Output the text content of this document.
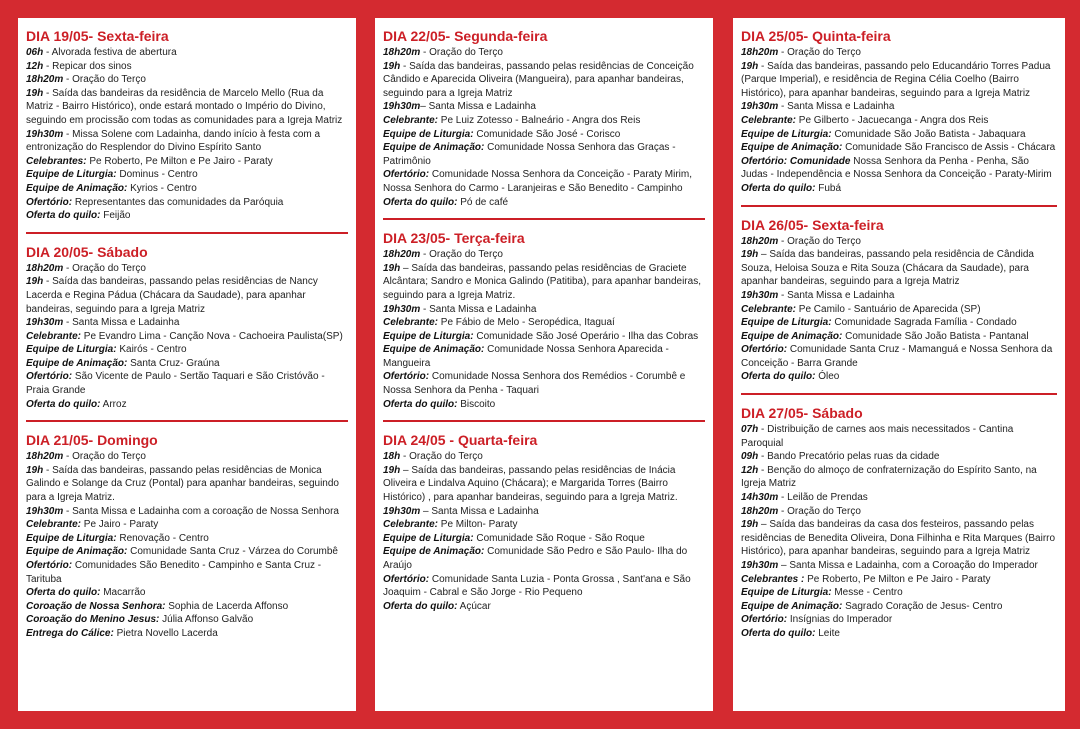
DIA 19/05- Sexta-feira

06h - Alvorada festiva de abertura

12h - Repicar dos sinos

18h20m - Oração do Terço

19h - Saída das bandeiras da residência de Marcelo Mello (Rua da Matriz - Bairro Histórico), onde estará montado o Império do Divino, seguindo em procissão com todas as comunidades para a Igreja Matriz

19h30m - Missa Solene com Ladainha, dando início à festa com a entronização do Resplendor do Divino Espírito Santo

Celebrantes: Pe Roberto, Pe Milton e Pe Jairo - Paraty

Equipe de Liturgia: Dominus - Centro

Equipe de Animação: Kyrios - Centro

Ofertório: Representantes das comunidades da Paróquia

Oferta do quilo: Feijão

DIA 20/05- Sábado

18h20m - Oração do Terço

19h - Saída das bandeiras, passando pelas residências de Nancy Lacerda e Regina Pádua (Chácara da Saudade), para apanhar bandeiras, seguindo para a Igreja Matriz

19h30m - Santa Missa e Ladainha

Celebrante: Pe Evandro Lima - Canção Nova - Cachoeira Paulista(SP)

Equipe de Liturgia: Kairós - Centro

Equipe de Animação: Santa Cruz- Graúna

Ofertório: São Vicente de Paulo - Sertão Taquari e São Cristóvão - Praia Grande

Oferta do quilo: Arroz

DIA 21/05- Domingo

18h20m - Oração do Terço

19h - Saída das bandeiras, passando pelas residências de Monica Galindo e Solange da Cruz (Pontal) para apanhar bandeiras, seguindo para a Igreja Matriz.

19h30m - Santa Missa e Ladainha com a coroação de Nossa Senhora

Celebrante: Pe Jairo - Paraty

Equipe de Liturgia: Renovação - Centro

Equipe de Animação: Comunidade Santa Cruz - Várzea do Corumbê

Ofertório: Comunidades São Benedito - Campinho e Santa Cruz - Tarituba

Oferta do quilo: Macarrão

Coroação de Nossa Senhora: Sophia de Lacerda Affonso

Coroação do Menino Jesus: Júlia Affonso Galvão

Entrega do Cálice: Pietra Novello Lacerda

DIA 22/05- Segunda-feira

18h20m - Oração do Terço

19h - Saída das bandeiras, passando pelas residências de Conceição Cândido e Aparecida Oliveira (Mangueira), para apanhar bandeiras, seguindo para a Igreja Matriz

19h30m– Santa Missa e Ladainha

Celebrante: Pe Luiz Zotesso - Balneário - Angra dos Reis

Equipe de Liturgia: Comunidade São José - Corisco

Equipe de Animação: Comunidade Nossa Senhora das Graças - Patrimônio

Ofertório: Comunidade Nossa Senhora da Conceição - Paraty Mirim, Nossa Senhora do Carmo - Laranjeiras e São Benedito - Campinho

Oferta do quilo: Pó de café

DIA 23/05- Terça-feira

18h20m - Oração do Terço

19h – Saída das bandeiras, passando pelas residências de Graciete Alcântara; Sandro e Monica Galindo (Patitiba), para apanhar bandeiras, seguindo para a Igreja Matriz.

19h30m - Santa Missa e Ladainha

Celebrante: Pe Fábio de Melo - Seropédica, Itaguaí

Equipe de Liturgia: Comunidade São José Operário - Ilha das Cobras

Equipe de Animação: Comunidade Nossa Senhora Aparecida - Mangueira

Ofertório: Comunidade Nossa Senhora dos Remédios - Corumbê e Nossa Senhora da Penha - Taquari

Oferta do quilo: Biscoito

DIA 24/05 - Quarta-feira

18h - Oração do Terço

19h – Saída das bandeiras, passando pelas residências de Inácia Oliveira e Lindalva Aquino (Chácara); e Margarida Torres (Bairro Histórico) , para apanhar bandeiras, seguindo para a Igreja Matriz.

19h30m – Santa Missa e Ladainha

Celebrante: Pe Milton- Paraty

Equipe de Liturgia: Comunidade São Roque - São Roque

Equipe de Animação: Comunidade São Pedro e São Paulo- Ilha do Araújo

Ofertório: Comunidade Santa Luzia - Ponta Grossa , Sant'ana e São Joaquim - Cabral e São Jorge - Rio Pequeno

Oferta do quilo: Açúcar

DIA 25/05- Quinta-feira

18h20m - Oração do Terço

19h - Saída das bandeiras, passando pelo Educandário Torres Padua (Parque Imperial), e residência de Regina Célia Coelho (Bairro Histórico), para apanhar bandeiras, seguindo para a Igreja Matriz

19h30m - Santa Missa e Ladainha

Celebrante: Pe Gilberto - Jacuecanga - Angra dos Reis

Equipe de Liturgia: Comunidade São João Batista - Jabaquara

Equipe de Animação: Comunidade São Francisco de Assis - Chácara

Ofertório: Comunidade Nossa Senhora da Penha - Penha, São Judas - Independência e Nossa Senhora da Conceição - Paraty-Mirim

Oferta do quilo: Fubá

DIA 26/05- Sexta-feira

18h20m - Oração do Terço

19h – Saída das bandeiras, passando pela residência de Cândida Souza, Heloisa Souza e Rita Souza (Chácara da Saudade), para apanhar bandeiras, seguindo para a Igreja Matriz

19h30m - Santa Missa e Ladainha

Celebrante: Pe Camilo - Santuário de Aparecida (SP)

Equipe de Liturgia: Comunidade Sagrada Família - Condado

Equipe de Animação: Comunidade São João Batista - Pantanal

Ofertório: Comunidade Santa Cruz - Mamanguá e Nossa Senhora da Conceição - Barra Grande

Oferta do quilo: Óleo

DIA 27/05- Sábado

07h - Distribuição de carnes aos mais necessitados - Cantina Paroquial

09h - Bando Precatório pelas ruas da cidade

12h - Benção do almoço de confraternização do Espírito Santo, na Igreja Matriz

14h30m - Leilão de Prendas

18h20m - Oração do Terço

19h – Saída das bandeiras da casa dos festeiros, passando pelas residências de Benedita Oliveira, Dona Filhinha e Rita Marques (Bairro Histórico), para apanhar bandeiras, seguindo para a Igreja Matriz

19h30m – Santa Missa e Ladainha, com a Coroação do Imperador

Celebrantes : Pe Roberto, Pe Milton e Pe Jairo - Paraty

Equipe de Liturgia: Messe - Centro

Equipe de Animação: Sagrado Coração de Jesus- Centro

Ofertório: Insígnias do Imperador

Oferta do quilo: Leite
